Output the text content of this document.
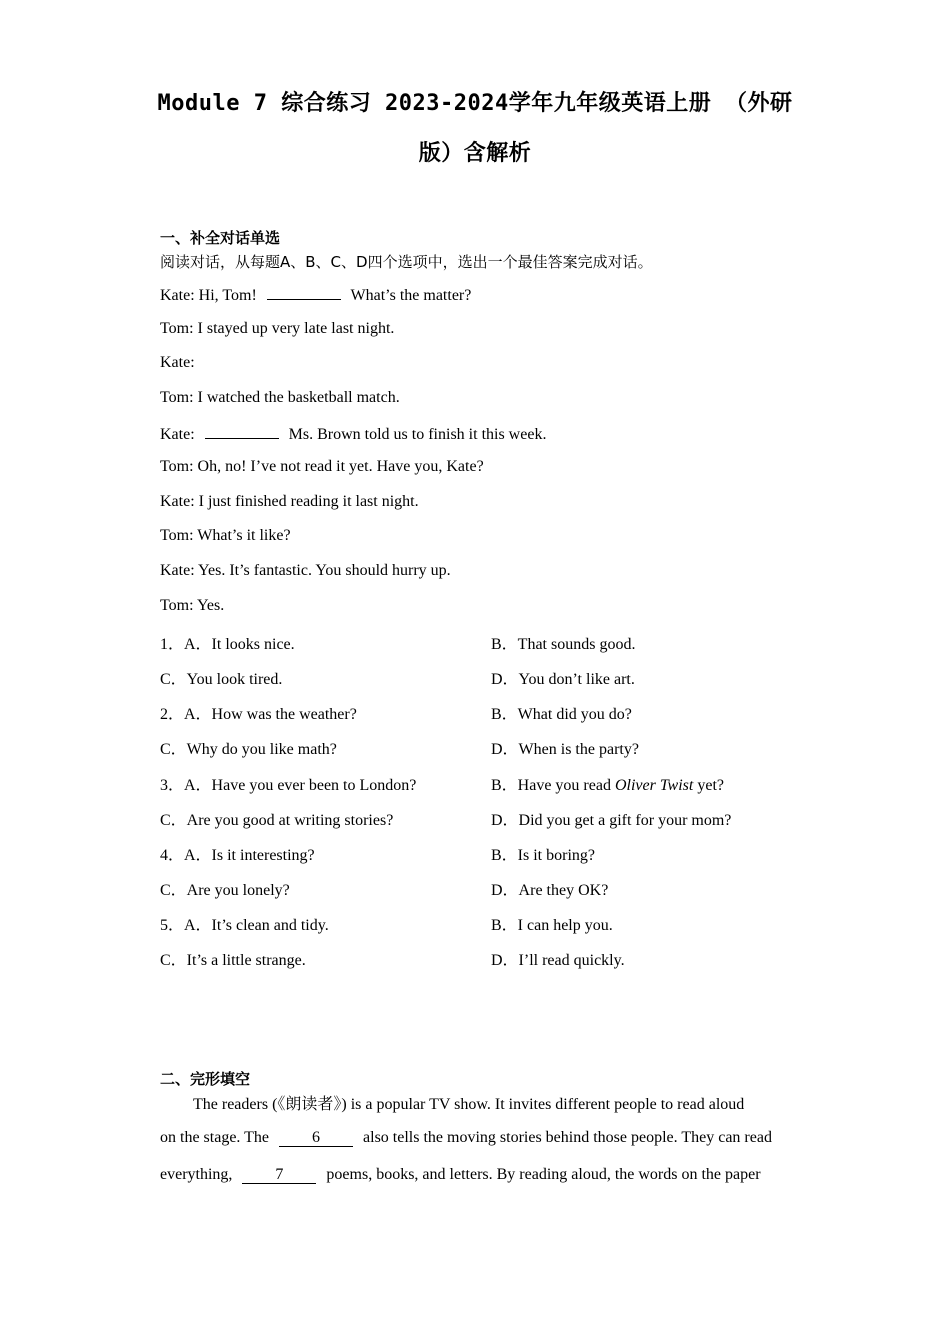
Module 7 综合练习 2023-2024学年九年级英语上册 （外研
版）含解析
一、补全对话单选
阅读对话，从每题A、B、C、D四个选项中，选出一个最佳答案完成对话。
Kate: Hi, Tom!	What’s the matter?
Tom: I stayed up very late last night.
Kate:
Tom: I watched the basketball match.
Kate:	Ms. Brown told us to finish it this week.
Tom: Oh, no! I’ve not read it yet. Have you, Kate?
Kate: I just finished reading it last night.
Tom: What’s it like?
Kate: Yes. It’s fantastic. You should hurry up.
Tom: Yes.
1．A．It looks nice.	B．That sounds good.
C．You look tired.	D．You don’t like art.
2．A．How was the weather?	B．What did you do?
C．Why do you like math?	D．When is the party?
3．A．Have you ever been to London?	B．Have you read Oliver Twist yet?
C．Are you good at writing stories?	D．Did you get a gift for your mom?
4．A．Is it interesting?	B．Is it boring?
C．Are you lonely?	D．Are they OK?
5．A．It’s clean and tidy.	B．I can help you.
C．It’s a little strange.	D．I’ll read quickly.
二、完形填空
The readers (《朗读者》) is a popular TV show. It invites different people to read aloud
on the stage. The 6 also tells the moving stories behind those people. They can read
everything, 7 poems, books, and letters. By reading aloud, the words on the paper
